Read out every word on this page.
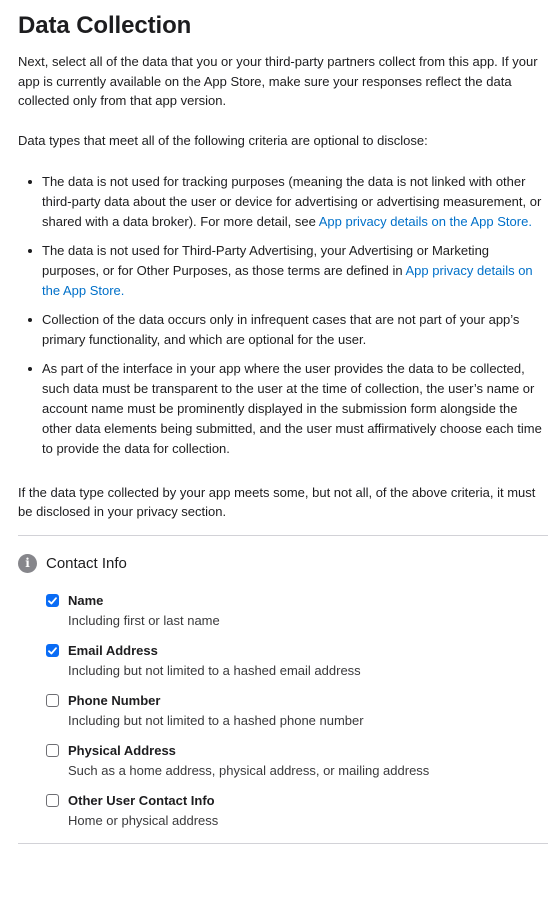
Data Collection

Next, select all of the data that you or your third-party partners collect from this app. If your app is currently available on the App Store, make sure your responses reflect the data collected only from that app version.

Data types that meet all of the following criteria are optional to disclose:

The data is not used for tracking purposes (meaning the data is not linked with other third-party data about the user or device for advertising or advertising measurement, or shared with a data broker). For more detail, see App privacy details on the App Store.
The data is not used for Third-Party Advertising, your Advertising or Marketing purposes, or for Other Purposes, as those terms are defined in App privacy details on the App Store.
Collection of the data occurs only in infrequent cases that are not part of your app’s primary functionality, and which are optional for the user.
As part of the interface in your app where the user provides the data to be collected, such data must be transparent to the user at the time of collection, the user’s name or account name must be prominently displayed in the submission form alongside the other data elements being submitted, and the user must affirmatively choose each time to provide the data for collection.

If the data type collected by your app meets some, but not all, of the above criteria, it must be disclosed in your privacy section.

i	Contact Info
Name
Including first or last name
Email Address
Including but not limited to a hashed email address
Phone Number
Including but not limited to a hashed phone number
Physical Address
Such as a home address, physical address, or mailing address
Other User Contact Info
Home or physical address
